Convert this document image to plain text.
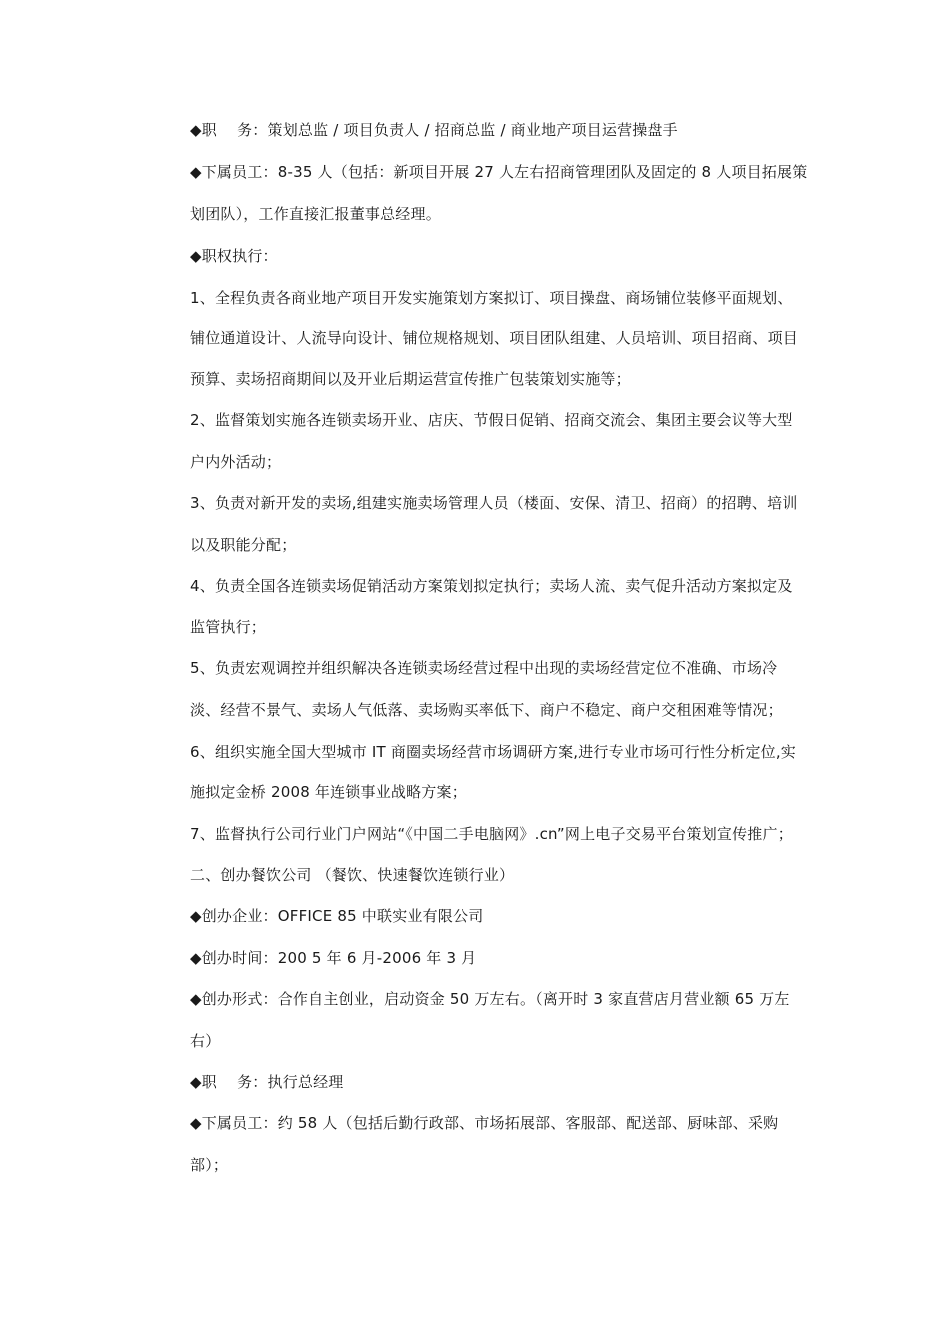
◆职　 务：策划总监 / 项目负责人 / 招商总监 / 商业地产项目运营操盘手
◆下属员工：8-35 人（包括：新项目开展 27 人左右招商管理团队及固定的 8 人项目拓展策
划团队），工作直接汇报董事总经理。
◆职权执行：
1、全程负责各商业地产项目开发实施策划方案拟订、项目操盘、商场铺位装修平面规划、
铺位通道设计、人流导向设计、铺位规格规划、项目团队组建、人员培训、项目招商、项目
预算、卖场招商期间以及开业后期运营宣传推广包装策划实施等；
2、监督策划实施各连锁卖场开业、店庆、节假日促销、招商交流会、集团主要会议等大型
户内外活动；
3、负责对新开发的卖场,组建实施卖场管理人员（楼面、安保、清卫、招商）的招聘、培训
以及职能分配；
4、负责全国各连锁卖场促销活动方案策划拟定执行；卖场人流、卖气促升活动方案拟定及
监管执行；
5、负责宏观调控并组织解决各连锁卖场经营过程中出现的卖场经营定位不准确、市场冷
淡、经营不景气、卖场人气低落、卖场购买率低下、商户不稳定、商户交租困难等情况；
6、组织实施全国大型城市 IT 商圈卖场经营市场调研方案,进行专业市场可行性分析定位,实
施拟定金桥 2008 年连锁事业战略方案；
7、监督执行公司行业门户网站“《中国二手电脑网》.cn”网上电子交易平台策划宣传推广；
二、创办餐饮公司 （餐饮、快速餐饮连锁行业）
◆创办企业：OFFICE 85 中联实业有限公司
◆创办时间：200 5 年 6 月-2006 年 3 月
◆创办形式：合作自主创业，启动资金 50 万左右。（离开时 3 家直营店月营业额 65 万左
右）
◆职　 务：执行总经理
◆下属员工：约 58 人（包括后勤行政部、市场拓展部、客服部、配送部、厨味部、采购
部）；
